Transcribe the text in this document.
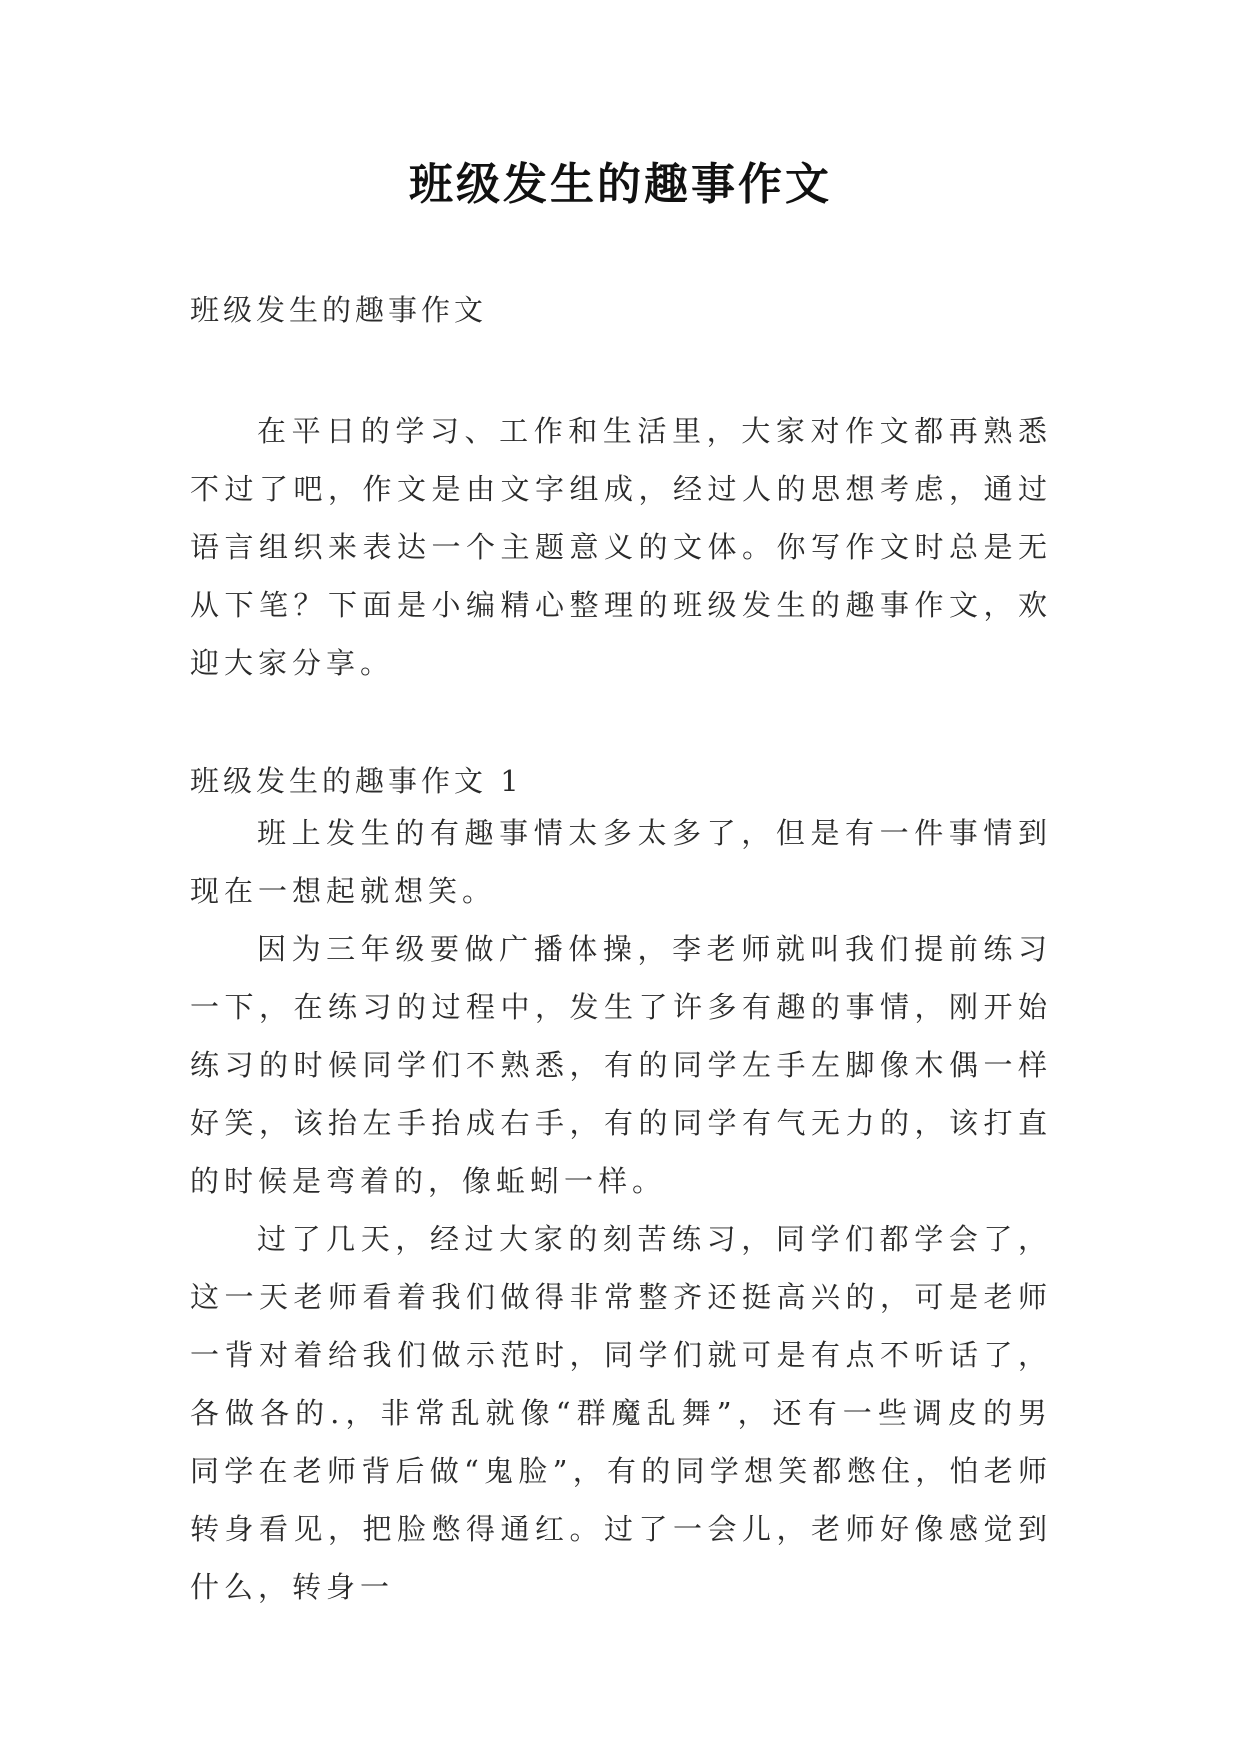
班级发生的趣事作文
班级发生的趣事作文

在平日的学习、工作和生活里，大家对作文都再熟悉不过了吧，作文是由文字组成，经过人的思想考虑，通过语言组织来表达一个主题意义的文体。你写作文时总是无从下笔？下面是小编精心整理的班级发生的趣事作文，欢迎大家分享。

班级发生的趣事作文 1

班上发生的有趣事情太多太多了，但是有一件事情到现在一想起就想笑。

因为三年级要做广播体操，李老师就叫我们提前练习一下，在练习的过程中，发生了许多有趣的事情，刚开始练习的时候同学们不熟悉，有的同学左手左脚像木偶一样好笑，该抬左手抬成右手，有的同学有气无力的，该打直的时候是弯着的，像蚯蚓一样。

过了几天，经过大家的刻苦练习，同学们都学会了，这一天老师看着我们做得非常整齐还挺高兴的，可是老师一背对着给我们做示范时，同学们就可是有点不听话了，各做各的.，非常乱就像“群魔乱舞”，还有一些调皮的男同学在老师背后做“鬼脸”，有的同学想笑都憋住，怕老师转身看见，把脸憋得通红。过了一会儿，老师好像感觉到什么，转身一
